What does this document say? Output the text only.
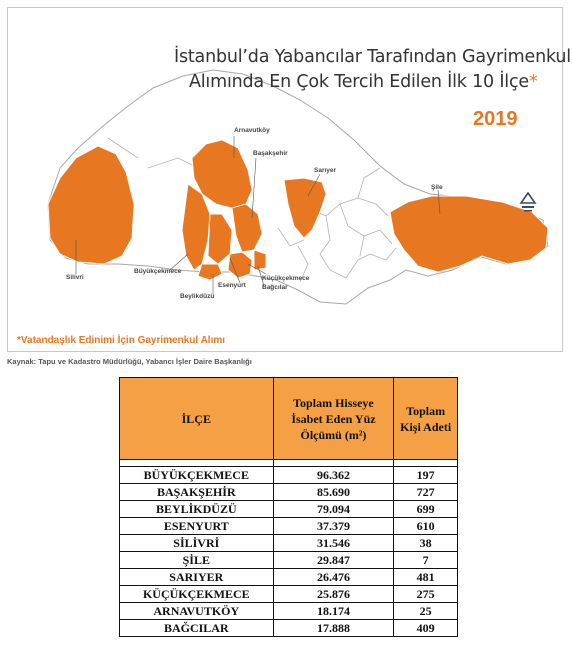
İstanbul’da Yabancılar Tarafından Gayrimenkul
Alımında En Çok Tercih Edilen İlk 10 İlçe*
2019
Arnavutköy
Başakşehir
Sarıyer
Şile
Silivri
Büyükçekmece
Beylikdüzü
Esenyurt
Küçükçekmece
Bağcılar
*Vatandaşlık Edinimi İçin Gayrimenkul Alımı
Kaynak: Tapu ve Kadastro Müdürlüğü, Yabancı İşler Daire Başkanlığı
İLÇE	Toplam Hisseye İsabet Eden Yüz Ölçümü (m²)	Toplam Kişi Adeti

BÜYÜKÇEKMECE	96.362	197
BAŞAKŞEHİR	85.690	727
BEYLİKDÜZÜ	79.094	699
ESENYURT	37.379	610
SİLİVRİ	31.546	38
ŞİLE	29.847	7
SARIYER	26.476	481
KÜÇÜKÇEKMECE	25.876	275
ARNAVUTKÖY	18.174	25
BAĞCILAR	17.888	409
